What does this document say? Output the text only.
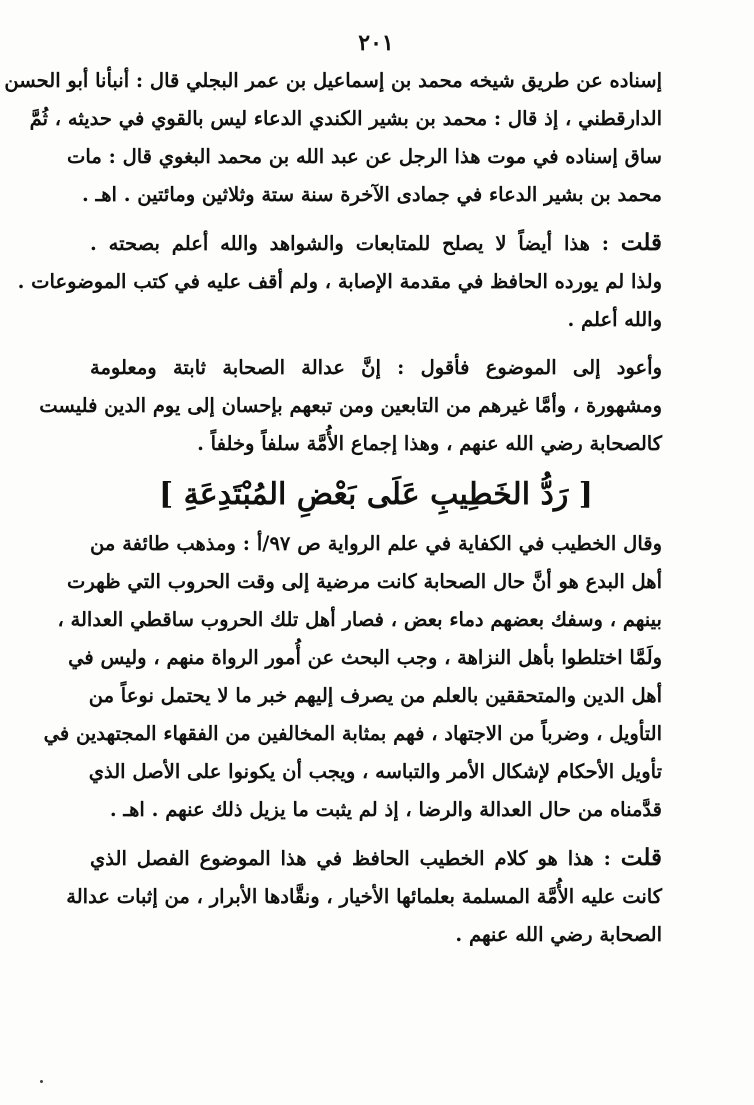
٢٠١
إسناده عن طريق شيخه محمد بن إسماعيل بن عمر البجلي قال : أنبأنا أبو الحسن
الدارقطني ، إذ قال : محمد بن بشير الكندي الدعاء ليس بالقوي في حديثه ، ثُمَّ
ساق إسناده في موت هذا الرجل عن عبد الله بن محمد البغوي قال : مات
محمد بن بشير الدعاء في جمادى الآخرة سنة ستة وثلاثين ومائتين . اهـ .
قلت : هذا أيضاً لا يصلح للمتابعات والشواهد والله أعلم بصحته .
ولذا لم يورده الحافظ في مقدمة الإصابة ، ولم أقف عليه في كتب الموضوعات .
والله أعلم .
وأعود إلى الموضوع فأقول : إنَّ عدالة الصحابة ثابتة ومعلومة
ومشهورة ، وأمَّا غيرهم من التابعين ومن تبعهم بإحسان إلى يوم الدين فليست
كالصحابة رضي الله عنهم ، وهذا إجماع الأُمَّة سلفاً وخلفاً .
[ رَدُّ الخَطِيبِ عَلَى بَعْضِ المُبْتَدِعَةِ ]
وقال الخطيب في الكفاية في علم الرواية ص ٩٧/أ : ومذهب طائفة من
أهل البدع هو أنَّ حال الصحابة كانت مرضية إلى وقت الحروب التي ظهرت
بينهم ، وسفك بعضهم دماء بعض ، فصار أهل تلك الحروب ساقطي العدالة ،
ولَمَّا اختلطوا بأهل النزاهة ، وجب البحث عن أُمور الرواة منهم ، وليس في
أهل الدين والمتحققين بالعلم من يصرف إليهم خبر ما لا يحتمل نوعاً من
التأويل ، وضرباً من الاجتهاد ، فهم بمثابة المخالفين من الفقهاء المجتهدين في
تأويل الأحكام لإشكال الأمر والتباسه ، ويجب أن يكونوا على الأصل الذي
قدَّمناه من حال العدالة والرضا ، إذ لم يثبت ما يزيل ذلك عنهم . اهـ .
قلت : هذا هو كلام الخطيب الحافظ في هذا الموضوع الفصل الذي
كانت عليه الأُمَّة المسلمة بعلمائها الأخيار ، ونقَّادها الأبرار ، من إثبات عدالة
الصحابة رضي الله عنهم .
